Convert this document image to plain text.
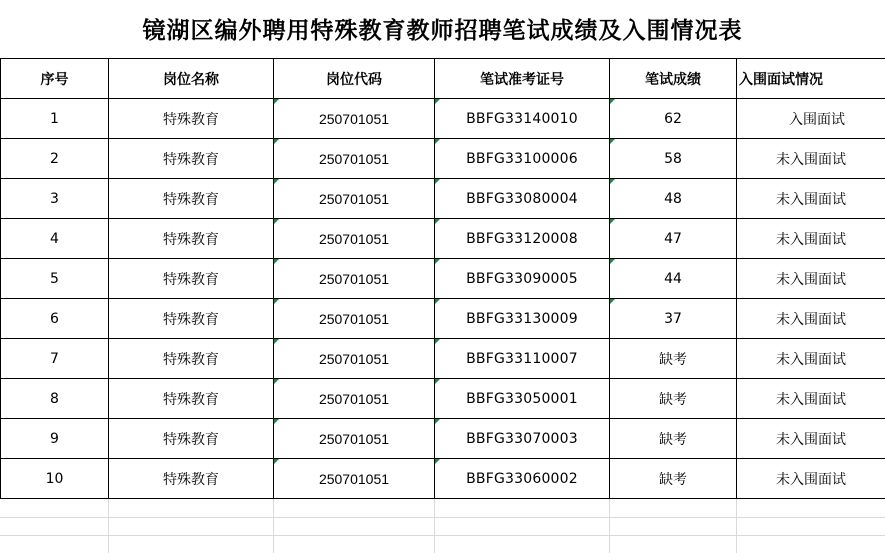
镜湖区编外聘用特殊教育教师招聘笔试成绩及入围情况表
序号	岗位名称	岗位代码	笔试准考证号	笔试成绩	入围面试情况
1	特殊教育	250701051	BBFG33140010	62	入围面试
2	特殊教育	250701051	BBFG33100006	58	未入围面试
3	特殊教育	250701051	BBFG33080004	48	未入围面试
4	特殊教育	250701051	BBFG33120008	47	未入围面试
5	特殊教育	250701051	BBFG33090005	44	未入围面试
6	特殊教育	250701051	BBFG33130009	37	未入围面试
7	特殊教育	250701051	BBFG33110007	缺考	未入围面试
8	特殊教育	250701051	BBFG33050001	缺考	未入围面试
9	特殊教育	250701051	BBFG33070003	缺考	未入围面试
10	特殊教育	250701051	BBFG33060002	缺考	未入围面试
